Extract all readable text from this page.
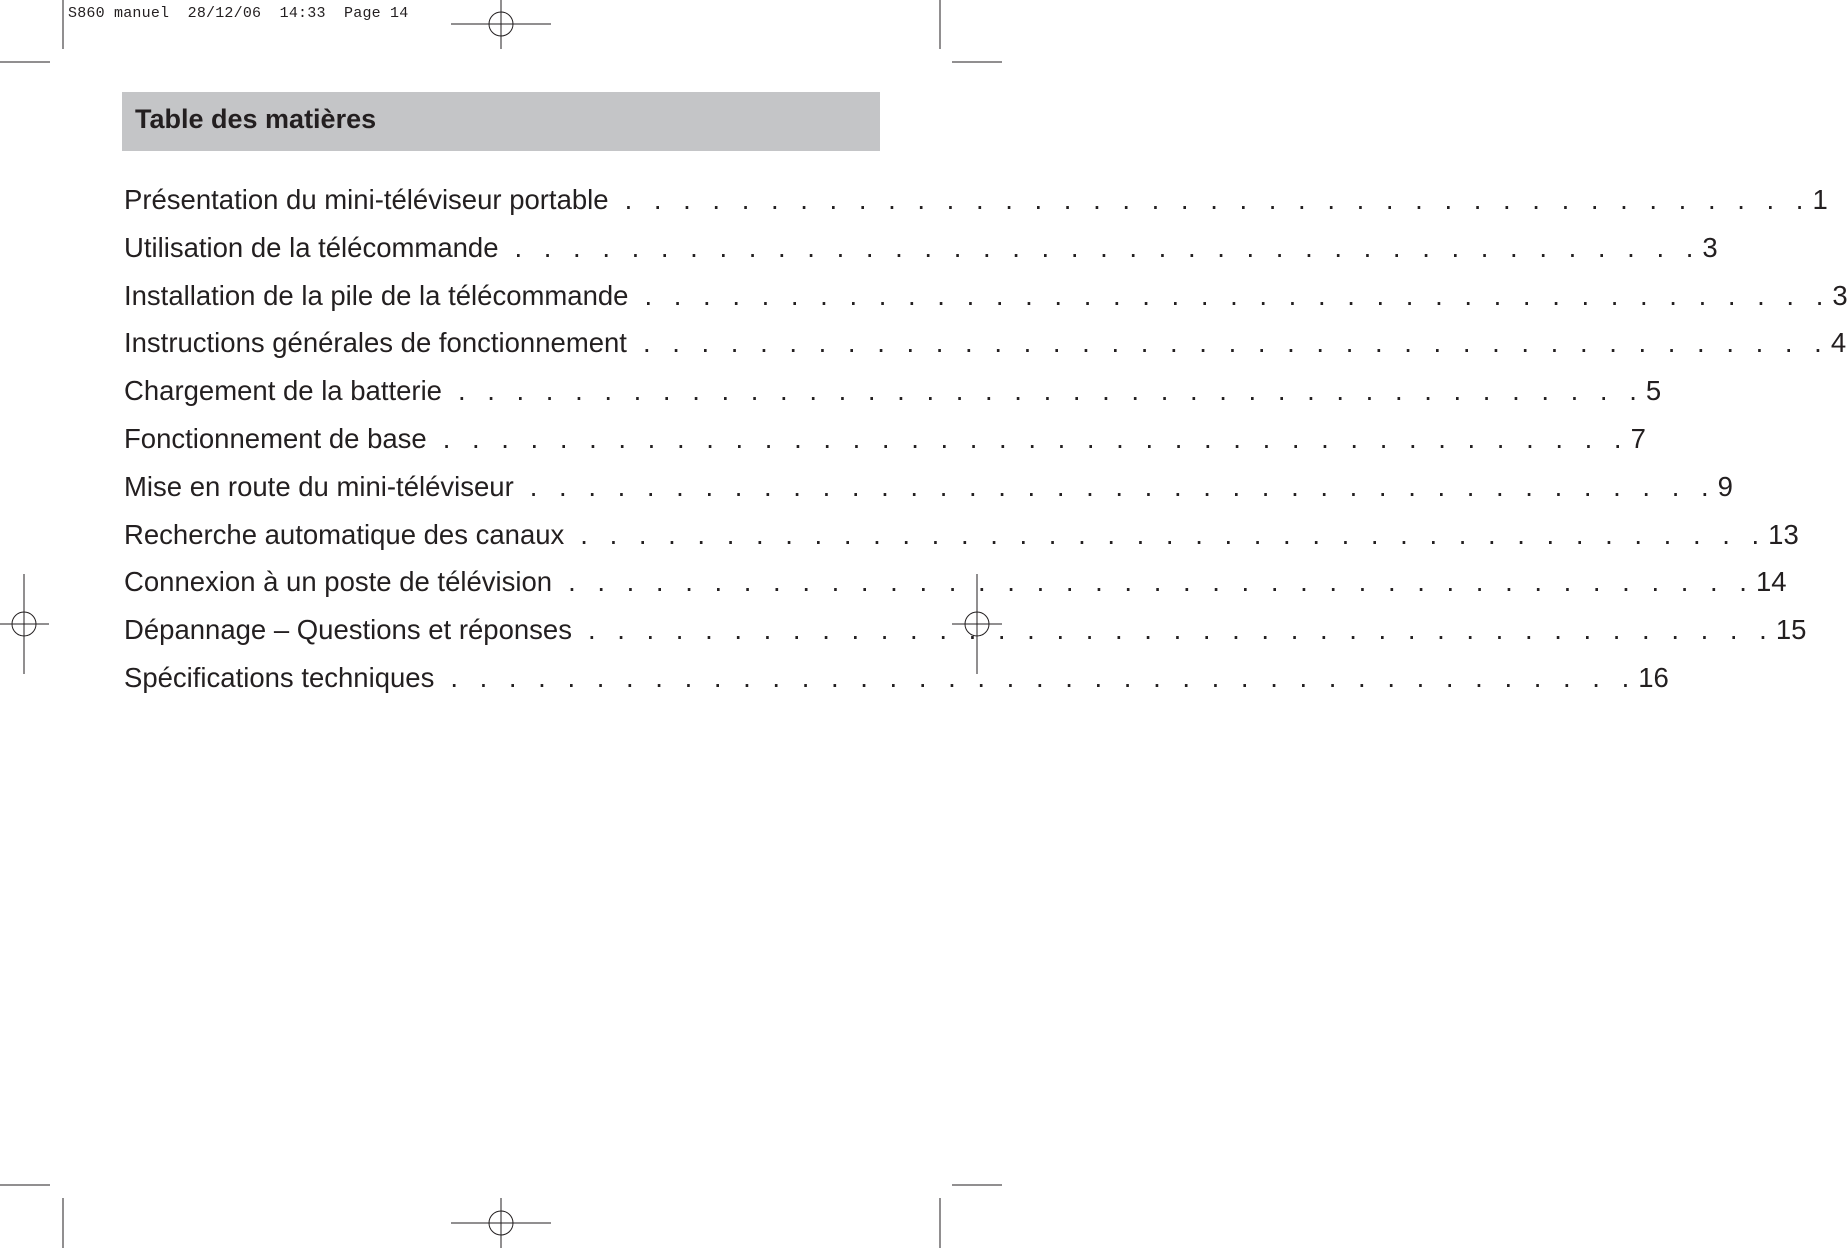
S860 manuel  28/12/06  14:33  Page 14
Table des matières
Présentation du mini-téléviseur portable . . . . . . . . . . . . . . . . . . . . . . . . . . . . . . . . . . . . . . . . . 1
Utilisation de la télécommande . . . . . . . . . . . . . . . . . . . . . . . . . . . . . . . . . . . . . . . . . 3
Installation de la pile de la télécommande . . . . . . . . . . . . . . . . . . . . . . . . . . . . . . . . . . . . . . . . . 3
Instructions générales de fonctionnement . . . . . . . . . . . . . . . . . . . . . . . . . . . . . . . . . . . . . . . . . 4
Chargement de la batterie . . . . . . . . . . . . . . . . . . . . . . . . . . . . . . . . . . . . . . . . . 5
Fonctionnement de base . . . . . . . . . . . . . . . . . . . . . . . . . . . . . . . . . . . . . . . . . 7
Mise en route du mini-téléviseur . . . . . . . . . . . . . . . . . . . . . . . . . . . . . . . . . . . . . . . . . 9
Recherche automatique des canaux . . . . . . . . . . . . . . . . . . . . . . . . . . . . . . . . . . . . . . . . . 13
Connexion à un poste de télévision . . . . . . . . . . . . . . . . . . . . . . . . . . . . . . . . . . . . . . . . . 14
Dépannage – Questions et réponses . . . . . . . . . . . . . . . . . . . . . . . . . . . . . . . . . . . . . . . . . 15
Spécifications techniques . . . . . . . . . . . . . . . . . . . . . . . . . . . . . . . . . . . . . . . . . 16
